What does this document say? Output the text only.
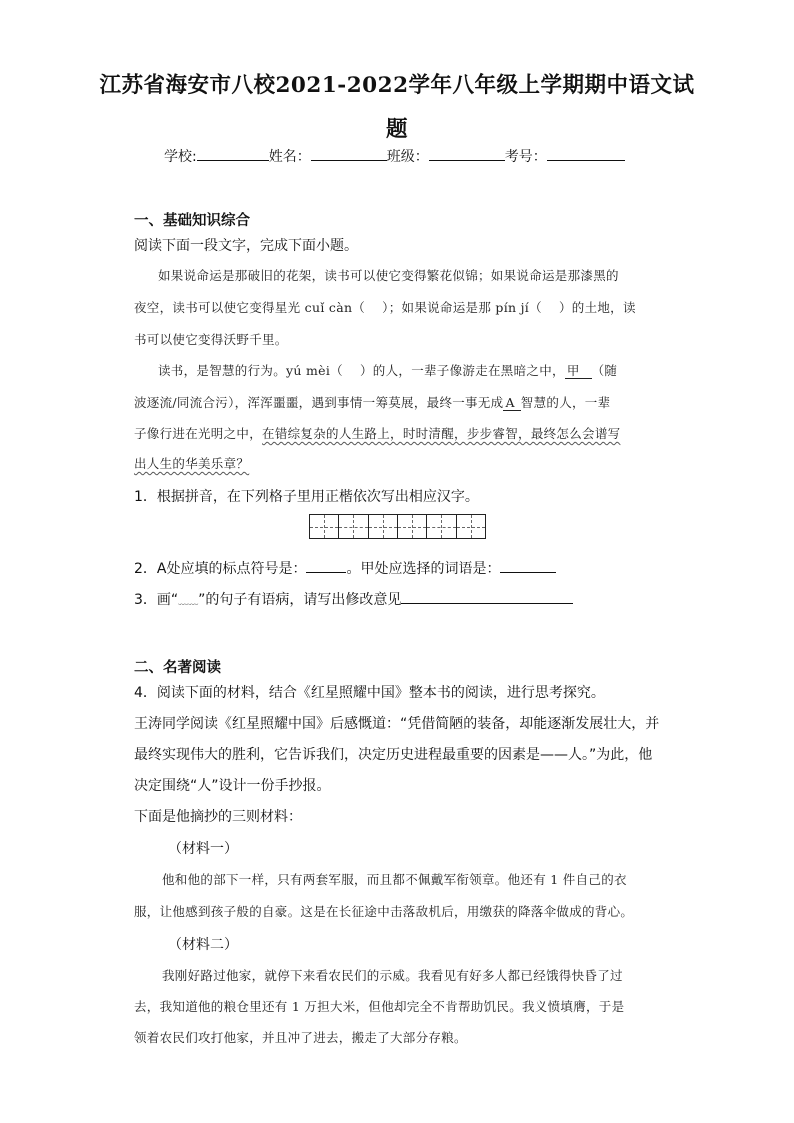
江苏省海安市八校2021-2022学年八年级上学期期中语文试
题
学校:	姓名：	班级：	考号：
一、基础知识综合
阅读下面一段文字，完成下面小题。
如果说命运是那破旧的花架，读书可以使它变得繁花似锦；如果说命运是那漆黑的
夜空，读书可以使它变得星光 cuǐ càn（　 ）；如果说命运是那 pín jí（　 ）的土地，读
书可以使它变得沃野千里。
读书，是智慧的行为。yú mèi（　 ）的人，一辈子像游走在黑暗之中， 甲 （随
波逐流/同流合污），浑浑噩噩，遇到事情一筹莫展，最终一事无成 A 智慧的人，一辈
子像行进在光明之中，在错综复杂的人生路上，时时清醒，步步睿智，最终怎么会谱写
出人生的华美乐章？
1．根据拼音，在下列格子里用正楷依次写出相应汉字。
2．A处应填的标点符号是：	。甲处应选择的词语是：
3．画“﹏﹏”的句子有语病，请写出修改意见
二、名著阅读
4．阅读下面的材料，结合《红星照耀中国》整本书的阅读，进行思考探究。
王涛同学阅读《红星照耀中国》后感慨道：“凭借简陋的装备，却能逐渐发展壮大，并
最终实现伟大的胜利，它告诉我们，决定历史进程最重要的因素是——人。”为此，他
决定围绕“人”设计一份手抄报。
下面是他摘抄的三则材料：
（材料一）
他和他的部下一样，只有两套军服，而且都不佩戴军衔领章。他还有 1 件自己的衣
服，让他感到孩子般的自豪。这是在长征途中击落敌机后，用缴获的降落伞做成的背心。
（材料二）
我刚好路过他家，就停下来看农民们的示威。我看见有好多人都已经饿得快昏了过
去，我知道他的粮仓里还有 1 万担大米，但他却完全不肯帮助饥民。我义愤填膺，于是
领着农民们攻打他家，并且冲了进去，搬走了大部分存粮。
